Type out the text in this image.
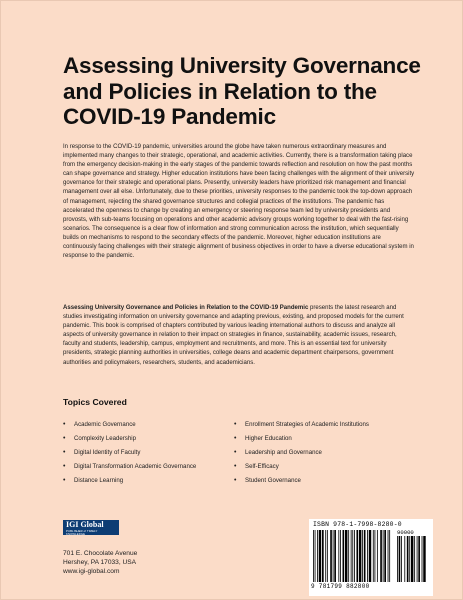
Assessing University Governance and Policies in Relation to the COVID-19 Pandemic
In response to the COVID-19 pandemic, universities around the globe have taken numerous extraordinary measures and implemented many changes to their strategic, operational, and academic activities. Currently, there is a transformation taking place from the emergency decision-making in the early stages of the pandemic towards reflection and resolution on how the past months can shape governance and strategy. Higher education institutions have been facing challenges with the alignment of their university governance for their strategic and operational plans. Presently, university leaders have prioritized risk management and financial management over all else. Unfortunately, due to these priorities, university responses to the pandemic took the top-down approach of management, rejecting the shared governance structures and collegial practices of the institutions. The pandemic has accelerated the openness to change by creating an emergency or steering response team led by university presidents and provosts, with sub-teams focusing on operations and other academic advisory groups working together to deal with the fast-rising scenarios. The consequence is a clear flow of information and strong communication across the institution, which sequentially builds on mechanisms to respond to the secondary effects of the pandemic. Moreover, higher education institutions are continuously facing challenges with their strategic alignment of business objectives in order to have a diverse educational system in response to the pandemic.
Assessing University Governance and Policies in Relation to the COVID-19 Pandemic presents the latest research and studies investigating information on university governance and adapting previous, existing, and proposed models for the current pandemic. This book is comprised of chapters contributed by various leading international authors to discuss and analyze all aspects of university governance in relation to their impact on strategies in finance, sustainability, academic issues, research, faculty and students, leadership, campus, employment and recruitments, and more. This is an essential text for university presidents, strategic planning authorities in universities, college deans and academic department chairpersons, government authorities and policymakers, researchers, students, and academicians.
Topics Covered
• Academic Governance
• Complexity Leadership
• Digital Identity of Faculty
• Digital Transformation Academic Governance
• Distance Learning
• Enrollment Strategies of Academic Institutions
• Higher Education
• Leadership and Governance
• Self-Efficacy
• Student Governance
IGI Global
PUBLISHER of TIMELY KNOWLEDGE
701 E. Chocolate Avenue
Hershey, PA 17033, USA
www.igi-global.com
ISBN 978-1-7998-8280-0
90000
9 781799 882800
